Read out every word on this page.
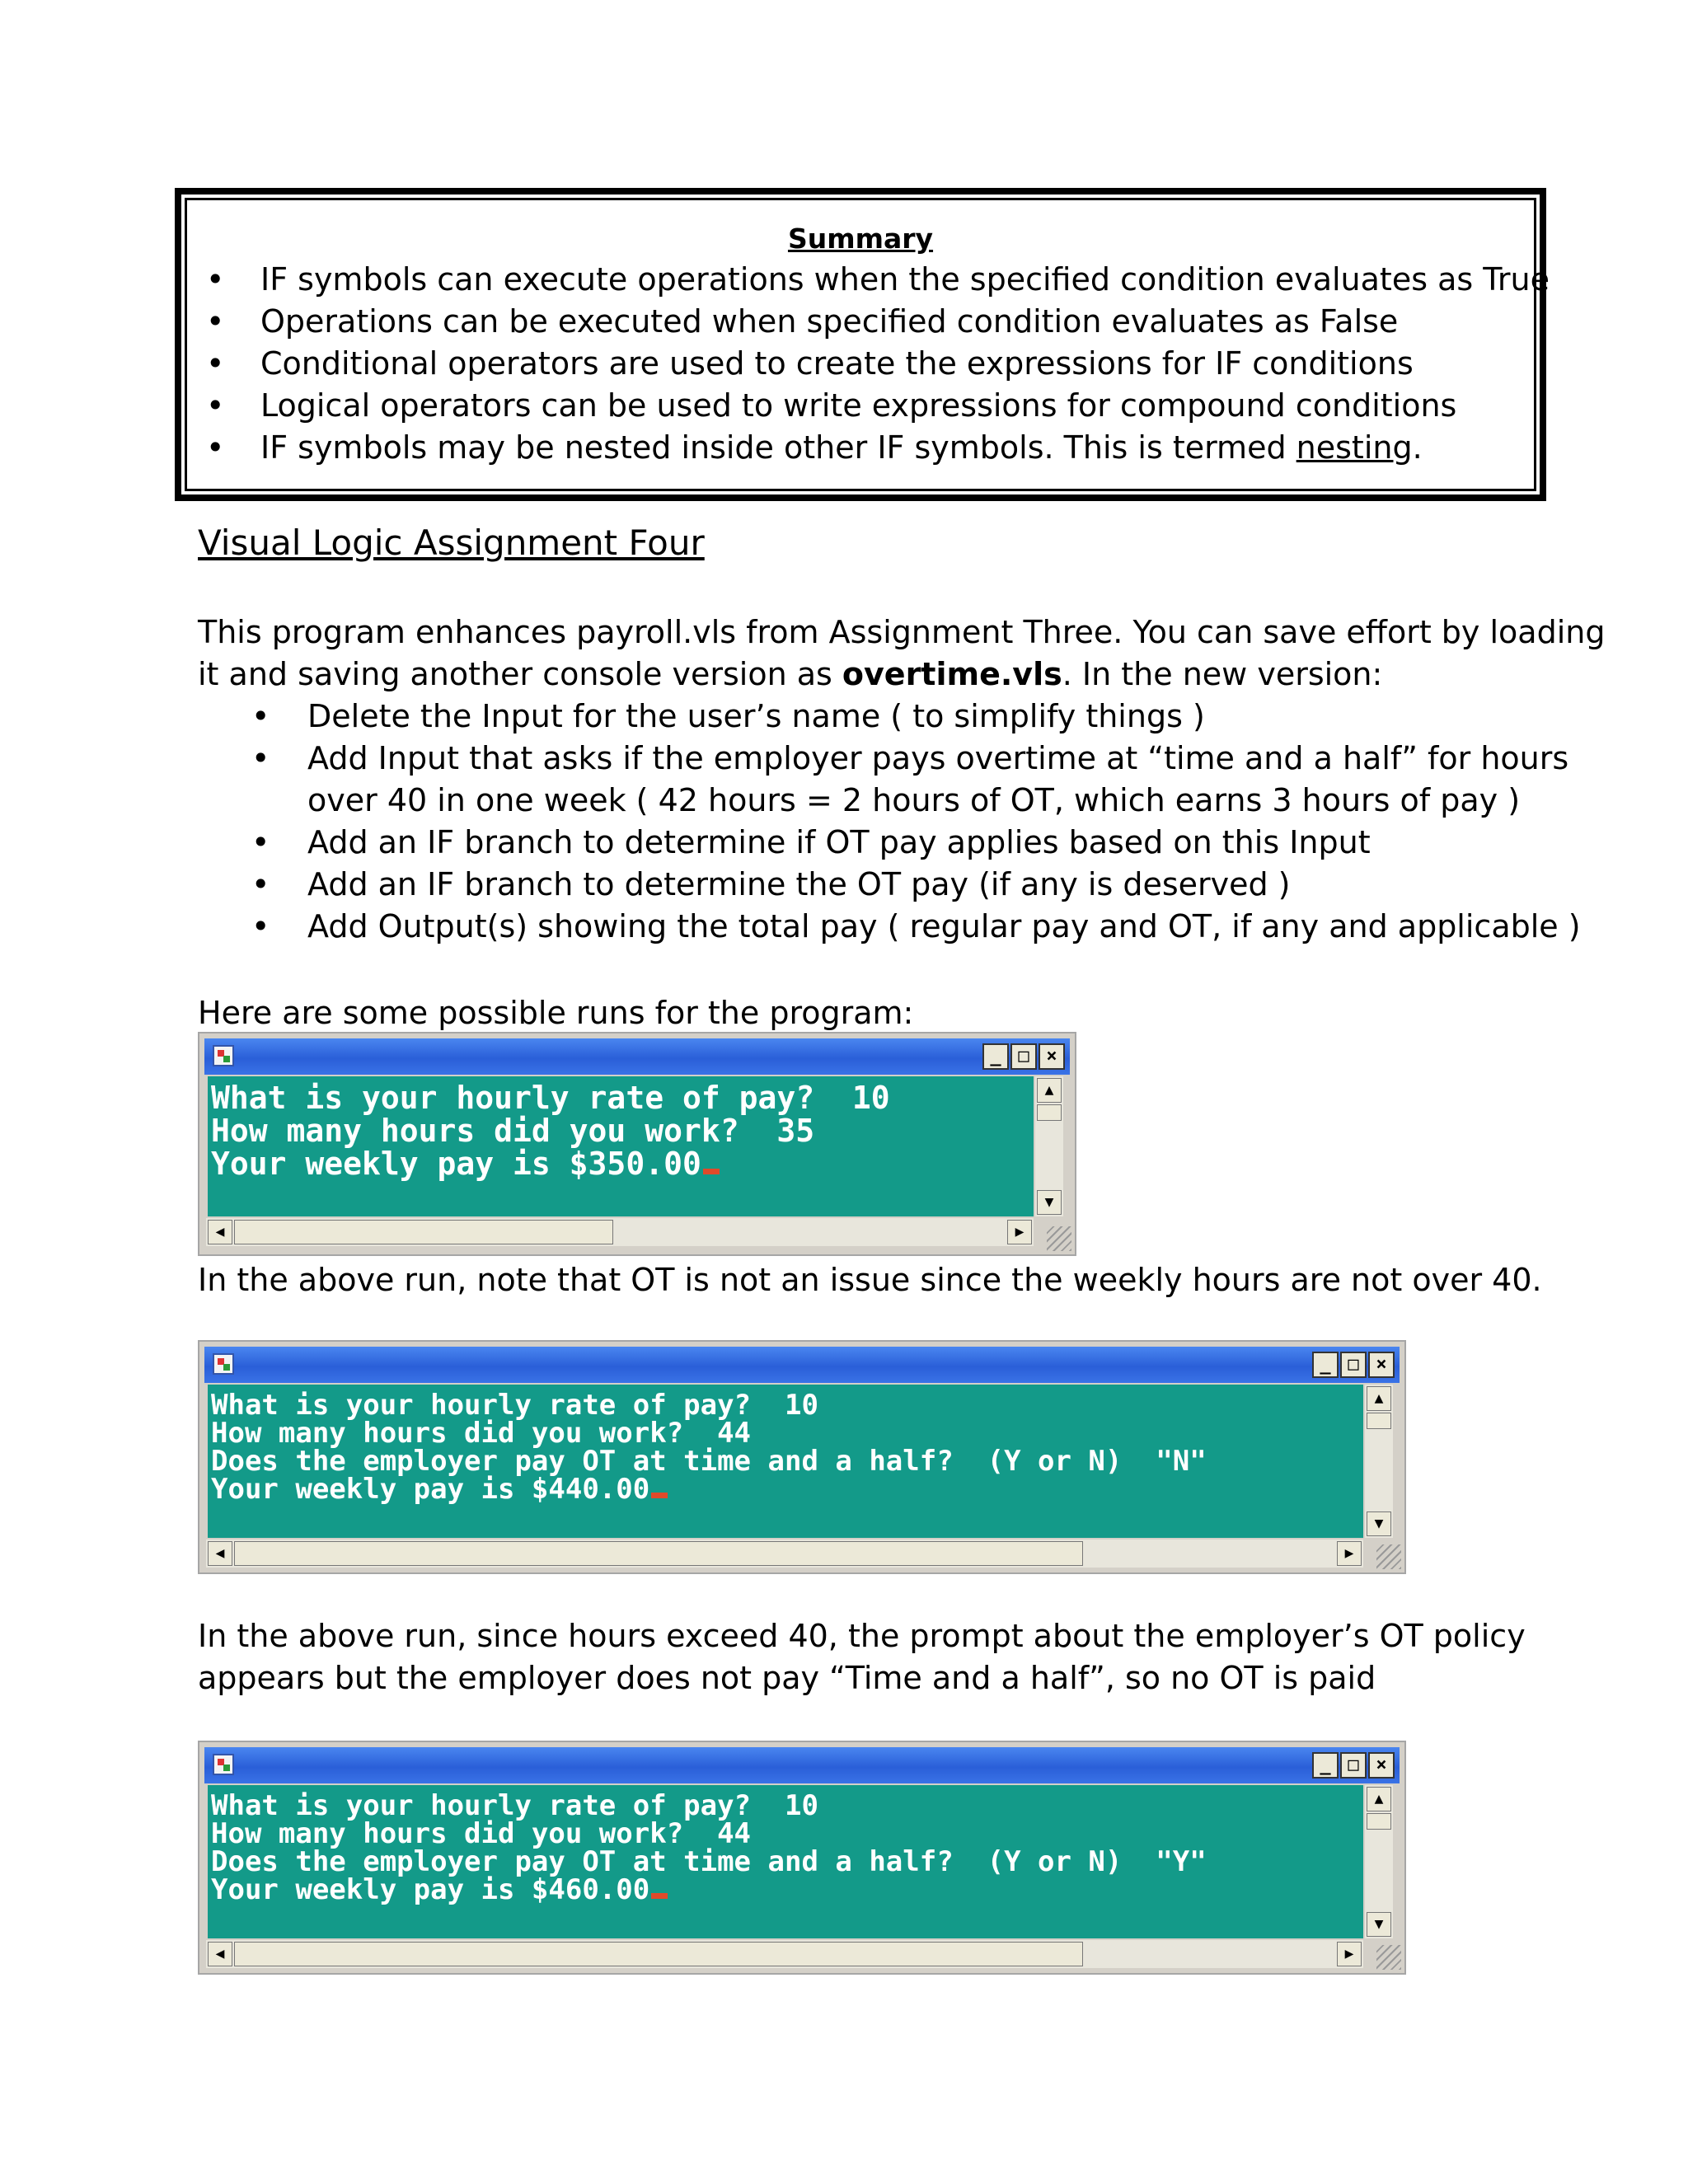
Summary
• IF symbols can execute operations when the specified condition evaluates as True
• Operations can be executed when specified condition evaluates as False
• Conditional operators are used to create the expressions for IF conditions
• Logical operators can be used to write expressions for compound conditions
• IF symbols may be nested inside other IF symbols. This is termed nesting.
Visual Logic Assignment Four
This program enhances payroll.vls from Assignment Three. You can save effort by loading
it and saving another console version as overtime.vls. In the new version:
• Delete the Input for the user’s name ( to simplify things )
• Add Input that asks if the employer pays overtime at “time and a half” for hours
over 40 in one week ( 42 hours = 2 hours of OT, which earns 3 hours of pay )
• Add an IF branch to determine if OT pay applies based on this Input
• Add an IF branch to determine the OT pay (if any is deserved )
• Add Output(s) showing the total pay ( regular pay and OT, if any and applicable )
Here are some possible runs for the program:
_ □ ×
What is your hourly rate of pay?  10
How many hours did you work?  35
Your weekly pay is $350.00
▲
▼
◀	▶
In the above run, note that OT is not an issue since the weekly hours are not over 40.
_ □ ×
What is your hourly rate of pay?  10
How many hours did you work?  44
Does the employer pay OT at time and a half?  (Y or N)  "N"
Your weekly pay is $440.00
▲
▼
◀	▶
In the above run, since hours exceed 40, the prompt about the employer’s OT policy
appears but the employer does not pay “Time and a half”, so no OT is paid
_ □ ×
What is your hourly rate of pay?  10
How many hours did you work?  44
Does the employer pay OT at time and a half?  (Y or N)  "Y"
Your weekly pay is $460.00
▲
▼
◀	▶
